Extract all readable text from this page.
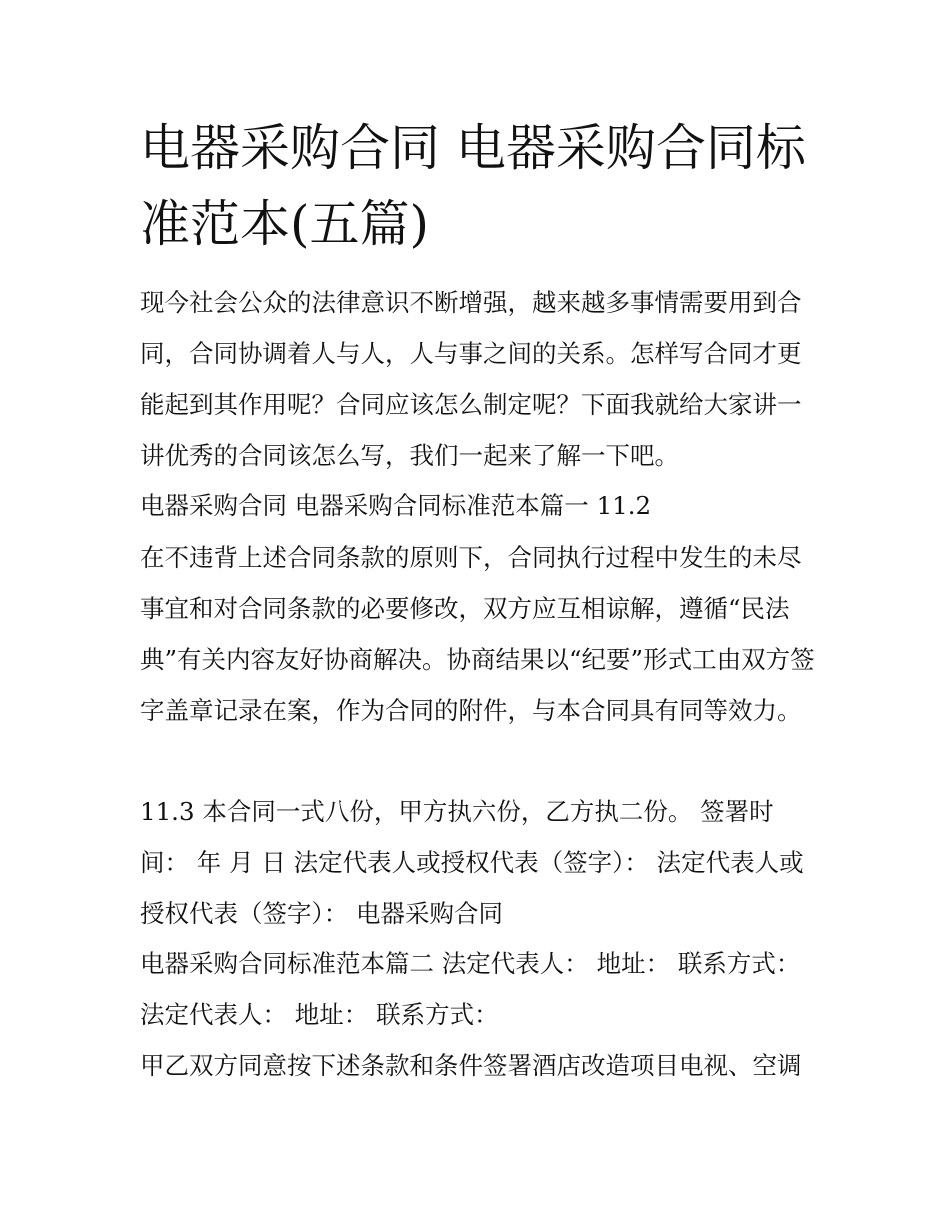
电器采购合同 电器采购合同标准范本(五篇)

现今社会公众的法律意识不断增强，越来越多事情需要用到合同，合同协调着人与人，人与事之间的关系。怎样写合同才更能起到其作用呢？合同应该怎么制定呢？下面我就给大家讲一讲优秀的合同该怎么写，我们一起来了解一下吧。

电器采购合同 电器采购合同标准范本篇一 11.2

在不违背上述合同条款的原则下，合同执行过程中发生的未尽事宜和对合同条款的必要修改，双方应互相谅解，遵循“民法典”有关内容友好协商解决。协商结果以“纪要”形式工由双方签字盖章记录在案，作为合同的附件，与本合同具有同等效力。

11.3 本合同一式八份，甲方执六份，乙方执二份。 签署时间： 年 月 日 法定代表人或授权代表（签字）： 法定代表人或授权代表（签字）： 电器采购合同

电器采购合同标准范本篇二 法定代表人： 地址： 联系方式： 法定代表人： 地址： 联系方式：

甲乙双方同意按下述条款和条件签署酒店改造项目电视、空调
